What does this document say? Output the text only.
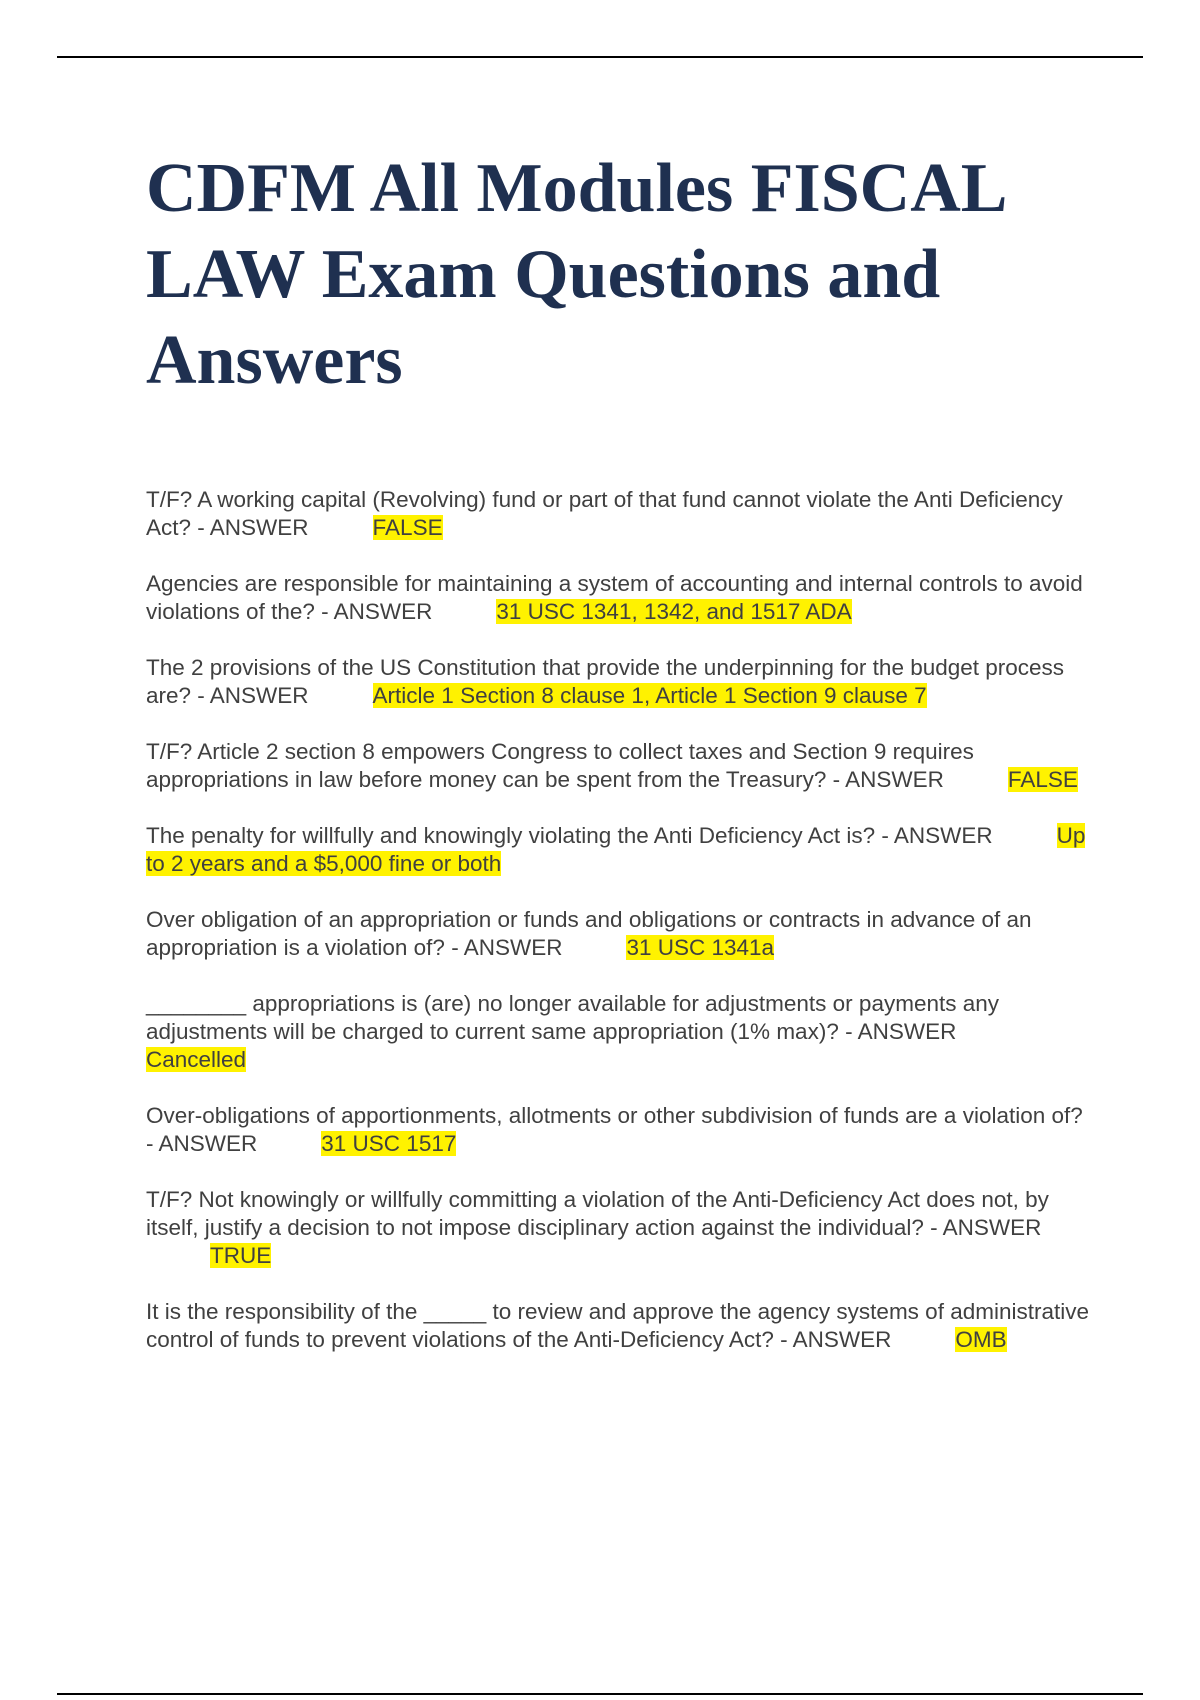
CDFM All Modules FISCAL LAW Exam Questions and Answers
T/F? A working capital (Revolving) fund or part of that fund cannot violate the Anti Deficiency Act? - ANSWER	FALSE
Agencies are responsible for maintaining a system of accounting and internal controls to avoid violations of the? - ANSWER	31 USC 1341, 1342, and 1517 ADA
The 2 provisions of the US Constitution that provide the underpinning for the budget process are? - ANSWER	Article 1 Section 8 clause 1, Article 1 Section 9 clause 7
T/F? Article 2 section 8 empowers Congress to collect taxes and Section 9 requires appropriations in law before money can be spent from the Treasury? - ANSWER	FALSE
The penalty for willfully and knowingly violating the Anti Deficiency Act is? - ANSWER	Up to 2 years and a $5,000 fine or both
Over obligation of an appropriation or funds and obligations or contracts in advance of an appropriation is a violation of? - ANSWER	31 USC 1341a
________ appropriations is (are) no longer available for adjustments or payments any adjustments will be charged to current same appropriation (1% max)? - ANSWERCancelled
Over-obligations of apportionments, allotments or other subdivision of funds are a violation of? - ANSWER	31 USC 1517
T/F? Not knowingly or willfully committing a violation of the Anti-Deficiency Act does not, by itself, justify a decision to not impose disciplinary action against the individual? - ANSWERTRUE
It is the responsibility of the _____ to review and approve the agency systems of administrative control of funds to prevent violations of the Anti-Deficiency Act? - ANSWER	OMB
